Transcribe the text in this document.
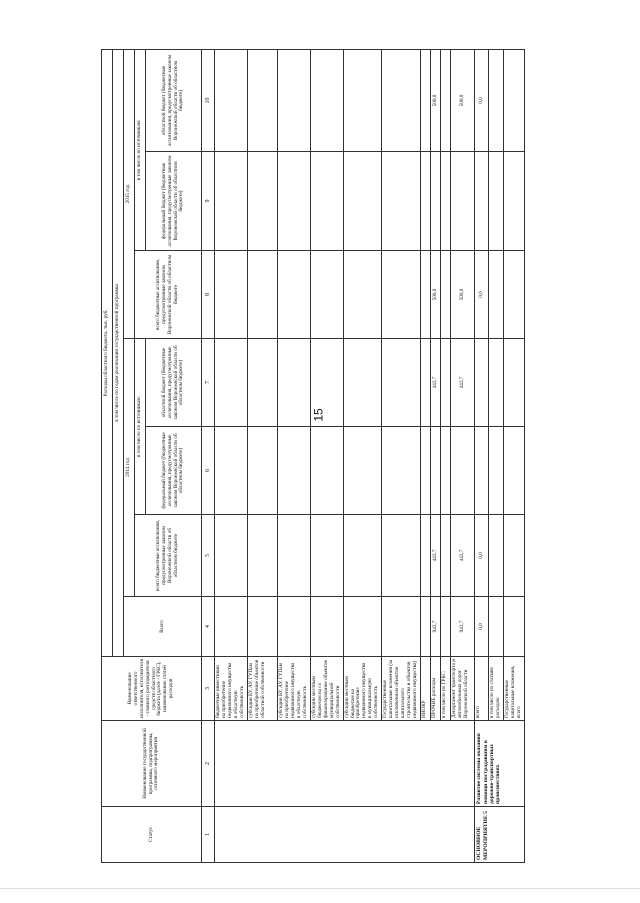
15
Статус	Наименование государственной программы, подпрограммы, основного мероприятия	Наименование ответственного исполнителя, исполнителя - главного распорядителя средств областного бюджета (далее - ГРБС), наименование статей расходов	Расходы областного бюджета, тыс. руб.						
			в том числе по годам реализации государственной программы						
			Всего	2014 год			2015 год		
				всего бюджетные ассигнования, предусмотренные законом Воронежской области об областном бюджете	в том числе по источникам:		всего бюджетные ассигнования, предусмотренные законом Воронежской области об областном бюджете	в том числе по источникам:	
					федеральный бюджет (бюджетные ассигнования, предусмотренные законом Воронежской области об областном бюджете)	областной бюджет (бюджетные ассигнования, предусмотренные законом Воронежской области об областном бюджете)		федеральный бюджет (бюджетные ассигнования, предусмотренные законом Воронежской области об областном бюджете)	областной бюджет (бюджетные ассигнования, предусмотренные законом Воронежской области об областном бюджете)
1	2	3	4	5	6	7	8	9	10
		бюджетные инвестиции на приобретение недвижимого имущества в областную собственность							
		субсидии БУ, АУ, ГУПам на приобретение объектов областной собственности							
		субсидии БУ, АУ, ГУПам на приобретение недвижимого имущества в областную собственность							
		субсидии местным бюджетам на со финансирование объектов муниципальной собственности							
		субсидии местным бюджетам на приобретение недвижимого имущества в муниципальную собственность							
		Государственные капитальные вложения (за исключением объектов капитального строительства и объектов недвижимого имущества)							
		НИОКР							
		ПРОЧИЕ расходы	942,7	442,7		442,7	500,0		500,0
		в том числе по ГРБС:							
		Департамент транспорта и автомобильных дорог Воронежской области	942,7	442,7		442,7	500,0		500,0
ОСНОВНОЕ МЕРОПРИЯТИЕ 5	Развитие системы оказания помощи пострадавшим в дорожно-транспортных происшествиях	всего	0,0	0,0			0,0		0,0
		в том числе по статьям расходов:							
		Государственные капитальные вложения, всего							
